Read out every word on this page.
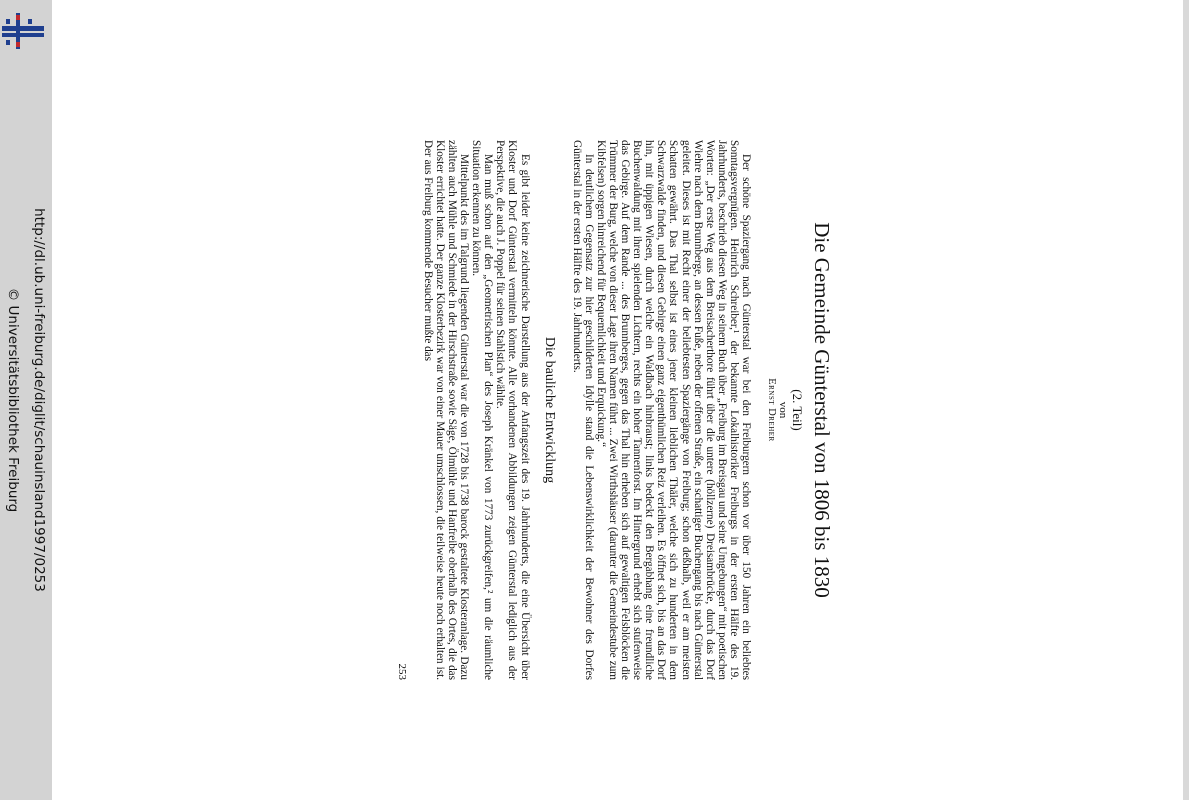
http://dl.ub.uni-freiburg.de/diglit/schauinsland1997/0253
© Universitätsbibliothek Freiburg	Die Gemeinde Günterstal von 1806 bis 1830
(2. Teil)
von
Ernst Dreher

Der schöne Spaziergang nach Günterstal war bei den Freiburgern schon vor über 150 Jahren ein beliebtes Sonntagsvergnügen. Heinrich Schreiber,¹ der bekannte Lokalhistoriker Freiburgs in der ersten Hälfte des 19. Jahrhunderts, beschrieb diesen Weg in seinem Buch über „Freiburg im Breisgau und seine Umgebungen“ mit poetischen Worten: „Der erste Weg aus dem Breisacherthore führt über die untere (höllzerne) Dreisambrücke, durch das Dorf Wiehre nach dem Brunnberge, an dessen Fuße, neben der offenen Straße, ein schattiger Buchengang bis nach Günterstal geleitet. Dieses ist mit Recht einer der beliebtesten Spaziergänge von Freiburg; schon deßhalb, weil er am meisten Schatten gewährt. Das Thal selbst ist eines jener kleinen lieblichen Thäler, welche sich zu hunderten in dem Schwarzwalde finden, und diesen Gebirge einen ganz eigenthümlichen Reiz verleihen. Es öffnet sich, bis an das Dorf hin, mit üppigen Wiesen, durch welche ein Waldbach hinbraust; links bedeckt den Bergabhang eine freundliche Buchenwaldung mit ihren spielenden Lichtern, rechts ein hoher Tannenforst. Im Hintergrund erhebt sich stufenweise das Gebirge. Auf dem Rande ... des Brunnberges, gegen das Thal hin erheben sich auf gewaltigen Felsblöcken die Trümmer der Burg, welche von dieser Lage ihren Namen führt ... Zwei Wirthshäuser (darunter die Gemeindestube zum Kibfelsen) sorgen hinreichend für Bequemlichkeit und Erquickung.“

In deutlichem Gegensatz zur hier geschilderten Idylle stand die Lebenswirklichkeit der Bewohner des Dorfes Günterstal in der ersten Hälfte des 19. Jahrhunderts.

Die bauliche Entwicklung

Es gibt leider keine zeichnerische Darstellung aus der Anfangszeit des 19. Jahrhunderts, die eine Übersicht über Kloster und Dorf Günterstal vermitteln könnte. Alle vorhandenen Abbildungen zeigen Günterstal lediglich aus der Perspektive, die auch J. Poppel für seinen Stahlstich wählte.

Man muß schon auf den „Geometrischen Plan“ des Joseph Kränkel von 1773 zurückgreifen,² um die räumliche Situation erkennen zu können.

Mittelpunkt des im Talgrund liegenden Günterstal war die von 1728 bis 1738 barock gestaltete Klosteranlage. Dazu zählten auch Mühle und Schmiede in der Hirschstraße sowie Säge, Ölmühle und Hanfreibe oberhalb des Ortes, die das Kloster errichtet hatte. Der ganze Klosterbezirk war von einer Mauer umschlossen, die teilweise heute noch erhalten ist. Der aus Freiburg kommende Besucher mußte das

253
